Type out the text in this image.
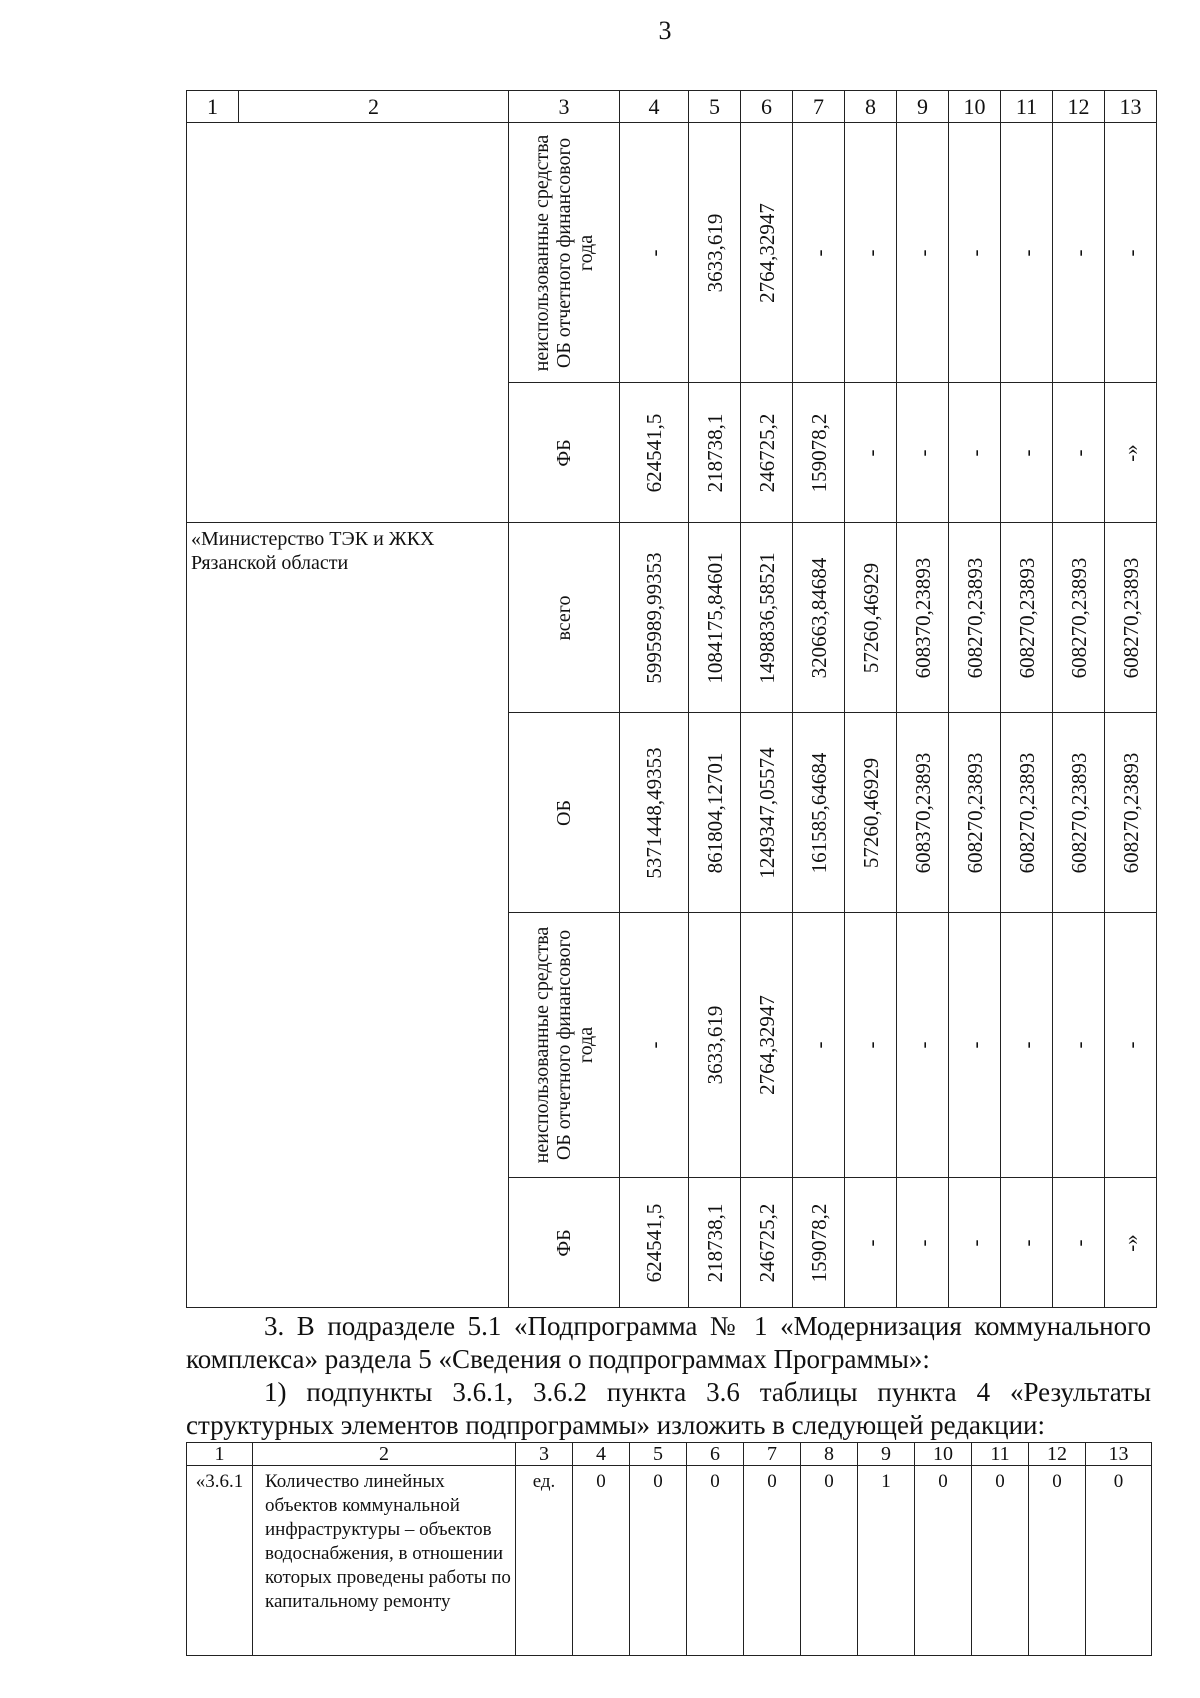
3
1	2	3	4	5	6	7	8	9	10	11	12	13

		неиспользованные средства ОБ отчетного финансового года	-	3633,619	2764,32947	-	-	-	-	-	-	-

		ФБ	624541,5	218738,1	246725,2	159078,2	-	-	-	-	-	-»

«Министерство ТЭК и ЖКХ Рязанской области		всего	5995989,99353	1084175,84601	1498836,58521	320663,84684	57260,46929	608370,23893	608270,23893	608270,23893	608270,23893	608270,23893

		ОБ	5371448,49353	861804,12701	1249347,05574	161585,64684	57260,46929	608370,23893	608270,23893	608270,23893	608270,23893	608270,23893

		неиспользованные средства ОБ отчетного финансового года	-	3633,619	2764,32947	-	-	-	-	-	-	-

		ФБ	624541,5	218738,1	246725,2	159078,2	-	-	-	-	-	-»
3. В подразделе 5.1 «Подпрограмма № 1 «Модернизация коммунального комплекса» раздела 5 «Сведения о подпрограммах Программы»:
1) подпункты 3.6.1, 3.6.2 пункта 3.6 таблицы пункта 4 «Результаты структурных элементов подпрограммы» изложить в следующей редакции:
1	2	3	4	5	6	7	8	9	10	11	12	13
«3.6.1	Количество линейных объектов коммунальной инфраструктуры – объектов водоснабжения, в отношении которых проведены работы по капитальному ремонту	ед.	0	0	0	0	0	1	0	0	0	0
